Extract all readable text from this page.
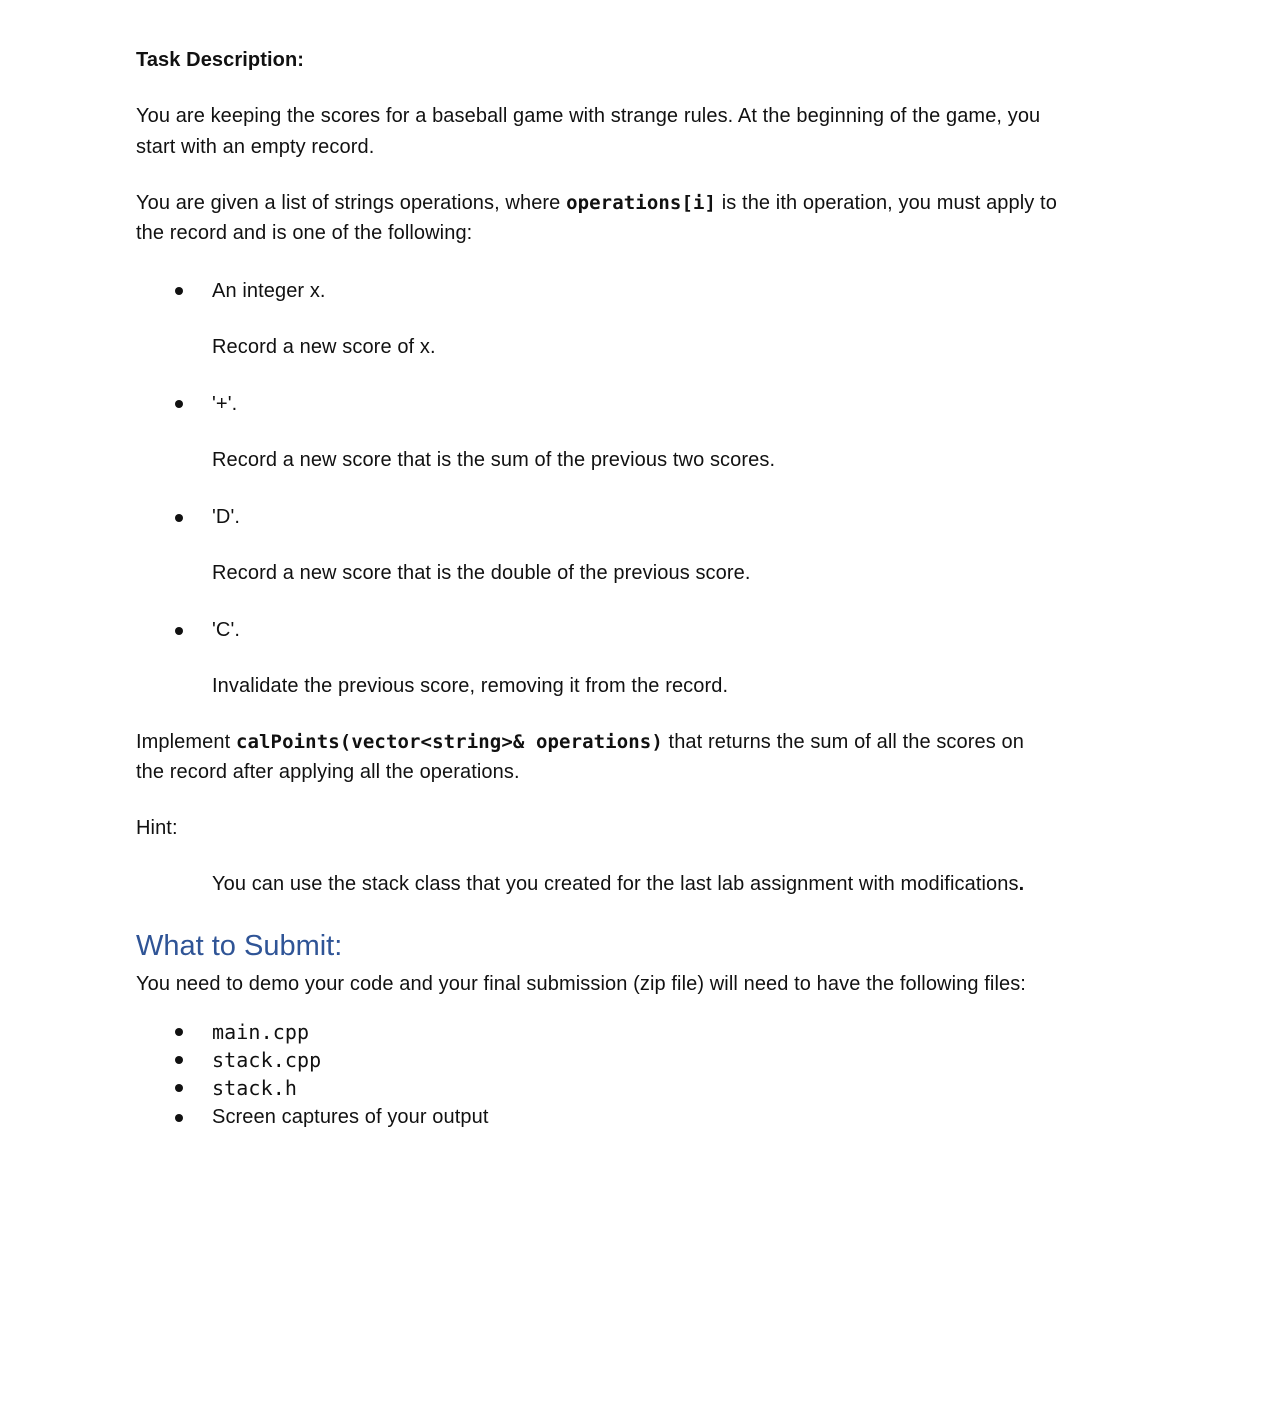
Task Description:
You are keeping the scores for a baseball game with strange rules. At the beginning of the game, you
start with an empty record.
You are given a list of strings operations, where operations[i] is the ith operation, you must apply to
the record and is one of the following:
An integer x.
Record a new score of x.
'+'.
Record a new score that is the sum of the previous two scores.
'D'.
Record a new score that is the double of the previous score.
'C'.
Invalidate the previous score, removing it from the record.
Implement calPoints(vector<string>& operations) that returns the sum of all the scores on
the record after applying all the operations.
Hint:
You can use the stack class that you created for the last lab assignment with modifications.
What to Submit:
You need to demo your code and your final submission (zip file) will need to have the following files:
main.cpp
stack.cpp
stack.h
Screen captures of your output
